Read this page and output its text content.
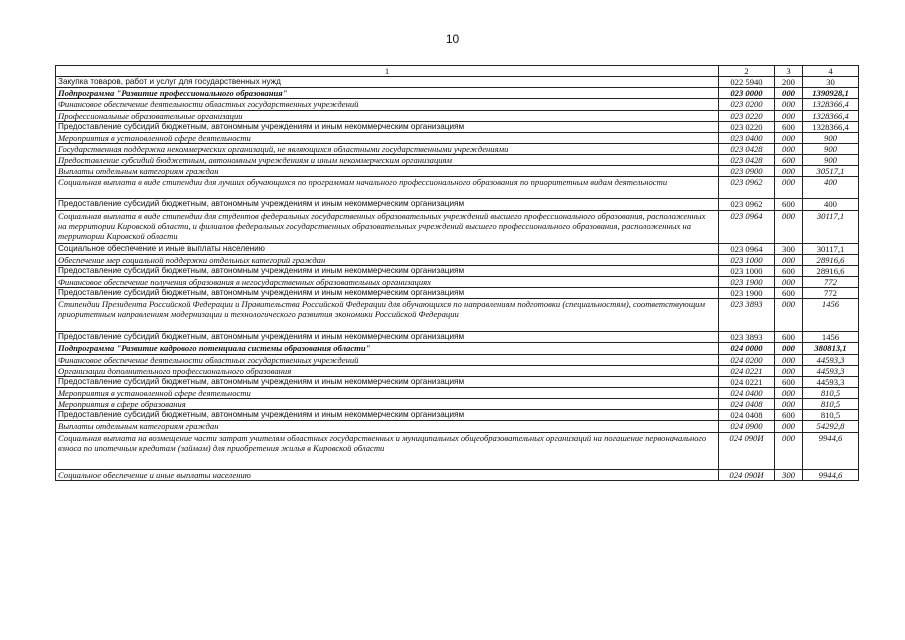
10
1	2	3	4
Закупка товаров, работ и услуг для государственных нужд	022 5940	200	30
Подпрограмма "Развитие профессионального образования"	023 0000	000	1390928,1
Финансовое обеспечение деятельности областных государственных учреждений	023 0200	000	1328366,4
Профессиональные образовательные организации	023 0220	000	1328366,4
Предоставление субсидий бюджетным, автономным учреждениям и иным некоммерческим организациям	023 0220	600	1328366,4
Мероприятия в установленной сфере деятельности	023 0400	000	900
Государственная поддержка некоммерческих организаций, не являющихся областными государственными учреждениями	023 0428	000	900
Предоставление субсидий бюджетным, автономным учреждениям и иным некоммерческим организациям	023 0428	600	900
Выплаты отдельным категориям граждан	023 0900	000	30517,1
Социальная выплата в виде стипендии для лучших обучающихся по программам начального профессионального образования по приоритетным видам деятельности	023 0962	000	400
Предоставление субсидий бюджетным, автономным учреждениям и иным некоммерческим организациям	023 0962	600	400
Социальная выплата в виде стипендии для студентов федеральных государственных образовательных учреждений высшего профессионального образования, расположенных на территории Кировской области, и филиалов федеральных государственных образовательных учреждений высшего профессионального образования, расположенных на территории Кировской области	023 0964	000	30117,1
Социальное обеспечение и иные выплаты населению	023 0964	300	30117,1
Обеспечение мер социальной поддержки отдельных категорий граждан	023 1000	000	28916,6
Предоставление субсидий бюджетным, автономным учреждениям и иным некоммерческим организациям	023 1000	600	28916,6
Финансовое обеспечение получения образования в негосударственных образовательных организациях	023 1900	000	772
Предоставление субсидий бюджетным, автономным учреждениям и иным некоммерческим организациям	023 1900	600	772
Стипендии Президента Российской Федерации и Правительства Российской Федерации для обучающихся по направлениям подготовки (специальностям), соответствующим приоритетным направлениям модернизации и технологического развития экономики Российской Федерации	023 3893	000	1456
Предоставление субсидий бюджетным, автономным учреждениям и иным некоммерческим организациям	023 3893	600	1456
Подпрограмма "Развитие кадрового потенциала системы образования области"	024 0000	000	380813,1
Финансовое обеспечение деятельности областных государственных учреждений	024 0200	000	44593,3
Организации дополнительного профессионального образования	024 0221	000	44593,3
Предоставление субсидий бюджетным, автономным учреждениям и иным некоммерческим организациям	024 0221	600	44593,3
Мероприятия в установленной сфере деятельности	024 0400	000	810,5
Мероприятия в сфере образования	024 0408	000	810,5
Предоставление субсидий бюджетным, автономным учреждениям и иным некоммерческим организациям	024 0408	600	810,5
Выплаты отдельным категориям граждан	024 0900	000	54292,8
Социальная выплата на возмещение части затрат учителям областных государственных и муниципальных общеобразовательных организаций на погашение первоначального взноса по ипотечным кредитам (займам) для приобретения жилья в Кировской области	024 090И	000	9944,6
Социальное обеспечение и иные выплаты населению	024 090И	300	9944,6
